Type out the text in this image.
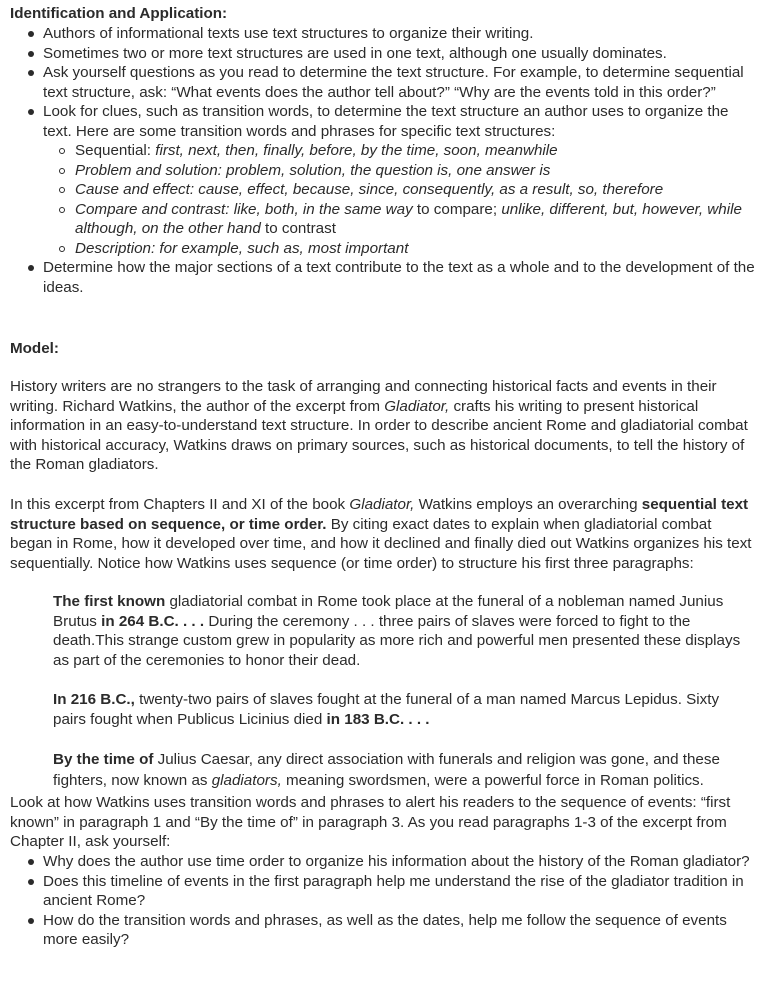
Identification and Application:

Authors of informational texts use text structures to organize their writing.
Sometimes two or more text structures are used in one text, although one usually dominates.
Ask yourself questions as you read to determine the text structure. For example, to determine sequential text structure, ask: “What events does the author tell about?” “Why are the events told in this order?”
Look for clues, such as transition words, to determine the text structure an author uses to organize the text. Here are some transition words and phrases for specific text structures:
Sequential: first, next, then, finally, before, by the time, soon, meanwhile
Problem and solution: problem, solution, the question is, one answer is
Cause and effect: cause, effect, because, since, consequently, as a result, so, therefore
Compare and contrast: like, both, in the same way to compare; unlike, different, but, however, while although, on the other hand to contrast
Description: for example, such as, most important
Determine how the major sections of a text contribute to the text as a whole and to the development of the ideas.

Model:

History writers are no strangers to the task of arranging and connecting historical facts and events in their writing. Richard Watkins, the author of the excerpt from Gladiator, crafts his writing to present historical information in an easy-to-understand text structure. In order to describe ancient Rome and gladiatorial combat with historical accuracy, Watkins draws on primary sources, such as historical documents, to tell the history of the Roman gladiators.

In this excerpt from Chapters II and XI of the book Gladiator, Watkins employs an overarching sequential text structure based on sequence, or time order. By citing exact dates to explain when gladiatorial combat began in Rome, how it developed over time, and how it declined and finally died out Watkins organizes his text sequentially. Notice how Watkins uses sequence (or time order) to structure his first three paragraphs:

The first known gladiatorial combat in Rome took place at the funeral of a nobleman named Junius Brutus in 264 B.C. . . . During the ceremony . . . three pairs of slaves were forced to fight to the death.This strange custom grew in popularity as more rich and powerful men presented these displays as part of the ceremonies to honor their dead.

In 216 B.C., twenty-two pairs of slaves fought at the funeral of a man named Marcus Lepidus. Sixty pairs fought when Publicus Licinius died in 183 B.C. . . .

By the time of Julius Caesar, any direct association with funerals and religion was gone, and these fighters, now known as gladiators, meaning swordsmen, were a powerful force in Roman politics.

Look at how Watkins uses transition words and phrases to alert his readers to the sequence of events: “first known” in paragraph 1 and “By the time of” in paragraph 3. As you read paragraphs 1-3 of the excerpt from Chapter II, ask yourself:

Why does the author use time order to organize his information about the history of the Roman gladiator?
Does this timeline of events in the first paragraph help me understand the rise of the gladiator tradition in ancient Rome?
How do the transition words and phrases, as well as the dates, help me follow the sequence of events more easily?
